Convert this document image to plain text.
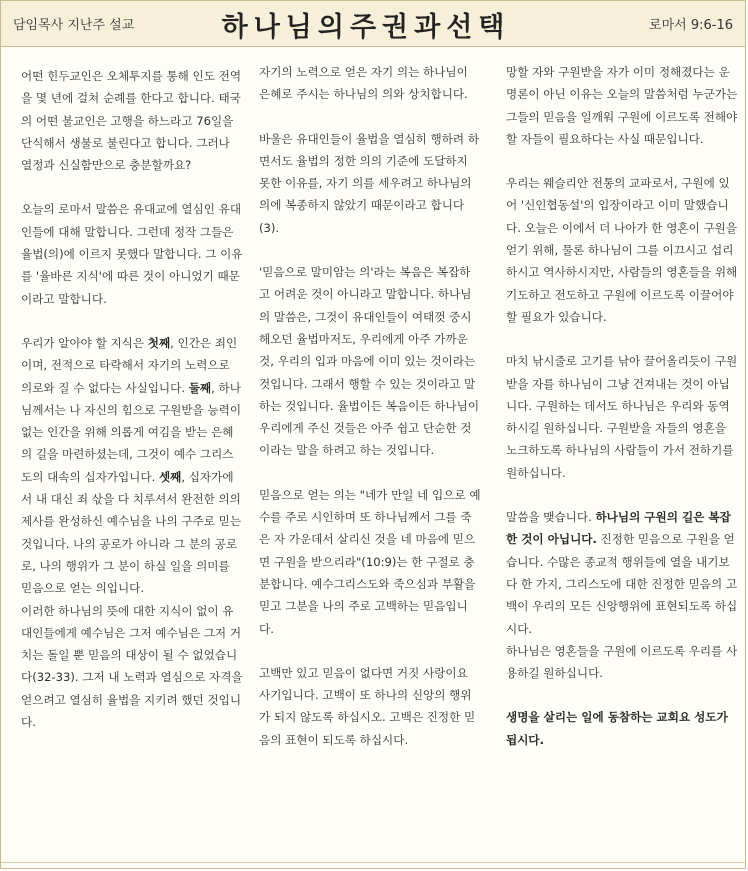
담임목사 지난주 설교	하나님의주권과선택	로마서 9:6-16

어떤 힌두교인은 오체투지를 통해 인도 전역을 몇 년에 걸쳐 순례를 한다고 합니다. 태국의 어떤 불교인은 고행을 하느라고 76일을 단식해서 생불로 불린다고 합니다. 그러나 열정과 신실함만으로 충분할까요?

오늘의 로마서 말씀은 유대교에 열심인 유대인들에 대해 말합니다. 그런데 정작 그들은 율법(의)에 이르지 못했다 말합니다. 그 이유를 '율바른 지식'에 따른 것이 아니었기 때문이라고 말합니다.

우리가 알아야 할 지식은 첫째, 인간은 죄인이며, 전적으로 타락해서 자기의 노력으로 의로와 질 수 없다는 사실입니다. 둘째, 하나님께서는 나 자신의 힘으로 구원받을 능력이 없는 인간을 위해 의롭게 여김을 받는 은혜의 길을 마련하셨는데, 그것이 예수 그리스도의 대속의 십자가입니다. 셋째, 십자가에서 내 대신 죄 삯을 다 치루셔서 완전한 의의 제사를 완성하신 예수님을 나의 구주로 믿는 것입니다. 나의 공로가 아니라 그 분의 공로로, 나의 행위가 그 분이 하실 일을 의미를 믿음으로 얻는 의입니다.

이러한 하나님의 뜻에 대한 지식이 없이 유대인들에게 예수님은 그저 예수님은 그저 거치는 돌일 뿐 믿음의 대상이 될 수 없었습니다(32-33). 그저 내 노력과 열심으로 자격을 얻으려고 열심히 율법을 지키려 했던 것입니다.

자기의 노력으로 얻은 자기 의는 하나님이 은혜로 주시는 하나님의 의와 상치합니다.

바울은 유대인들이 율법을 열심히 행하려 하면서도 율법의 정한 의의 기준에 도달하지 못한 이유를, 자기 의를 세우려고 하나님의 의에 복종하지 않았기 때문이라고 합니다(3).

'믿음으로 말미암는 의'라는 복음은 복잡하고 어려운 것이 아니라고 말합니다. 하나님의 말씀은, 그것이 유대인들이 여태껏 중시해오던 율법마저도, 우리에게 아주 가까운 것, 우리의 입과 마음에 이미 있는 것이라는 것입니다. 그래서 행할 수 있는 것이라고 말하는 것입니다. 율법이든 복음이든 하나님이 우리에게 주신 것들은 아주 쉽고 단순한 것이라는 말을 하려고 하는 것입니다.

믿음으로 얻는 의는 "네가 만일 네 입으로 예수를 주로 시인하며 또 하나님께서 그를 죽은 자 가운데서 살리신 것을 네 마음에 믿으면 구원을 받으리라"(10:9)는 한 구절로 충분합니다. 예수그리스도와 죽으심과 부활을 믿고 그분을 나의 주로 고백하는 믿음입니다.

고백만 있고 믿음이 없다면 거짓 사랑이요 사기입니다. 고백이 또 하나의 신앙의 행위가 되지 않도록 하십시오. 고백은 진정한 믿음의 표현이 되도록 하십시다.

망할 자와 구원받을 자가 이미 정해졌다는 운명론이 아닌 이유는 오늘의 말씀처럼 누군가는 그들의 믿음을 일깨워 구원에 이르도록 전해야 할 자들이 필요하다는 사실 때문입니다.

우리는 웨슬리안 전통의 교파로서, 구원에 있어 '신인협동설'의 입장이라고 이미 말했습니다. 오늘은 이에서 더 나아가 한 영혼이 구원을 얻기 위해, 물론 하나님이 그를 이끄시고 섭리하시고 역사하시지만, 사람들의 영혼들을 위해 기도하고 전도하고 구원에 이르도록 이끌어야 할 필요가 있습니다.

마치 낚시줄로 고기를 낚아 끌어올리듯이 구원받을 자를 하나님이 그냥 건져내는 것이 아닙니다. 구원하는 데서도 하나님은 우리와 동역하시길 원하십니다. 구원받을 자들의 영혼을 노크하도록 하나님의 사람들이 가서 전하기를 원하십니다.

말씀을 맺습니다. 하나님의 구원의 길은 복잡한 것이 아닙니다. 진정한 믿음으로 구원을 얻습니다. 수많은 종교적 행위들에 열을 내기보다 한 가지, 그리스도에 대한 진정한 믿음의 고백이 우리의 모든 신앙행위에 표현되도록 하십시다.

하나님은 영혼들을 구원에 이르도록 우리를 사용하길 원하십니다.

생명을 살리는 일에 동참하는 교회요 성도가 됩시다.
